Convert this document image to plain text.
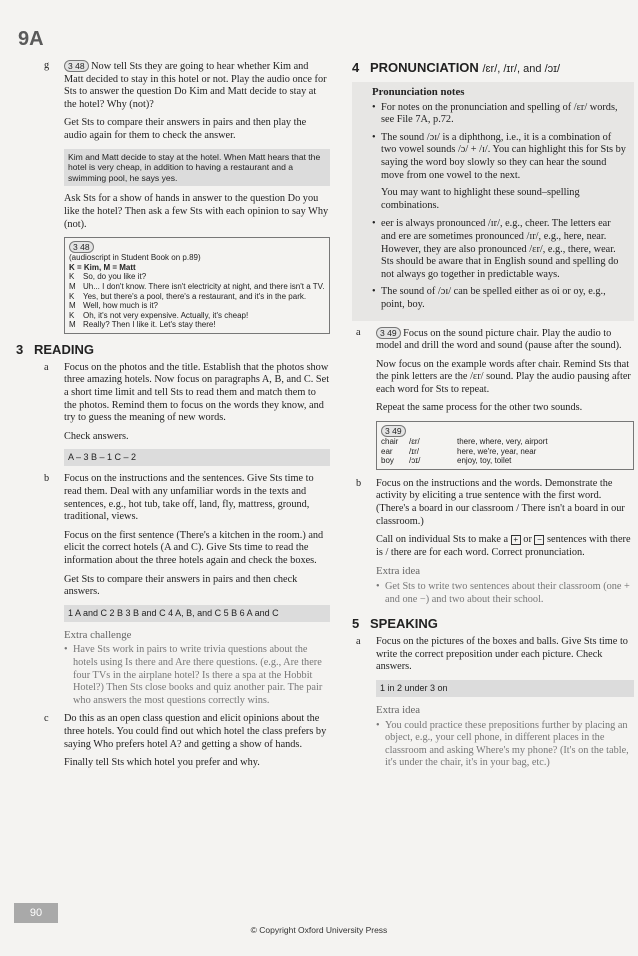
9A
g	3 48 Now tell Sts they are going to hear whether Kim and Matt decided to stay in this hotel or not. Play the audio once for Sts to answer the question Do Kim and Matt decide to stay at the hotel? Why (not)?

Get Sts to compare their answers in pairs and then play the audio again for them to check the answer.

Kim and Matt decide to stay at the hotel. When Matt hears that the hotel is very cheap, in addition to having a restaurant and a swimming pool, he says yes.

Ask Sts for a show of hands in answer to the question Do you like the hotel? Then ask a few Sts with each opinion to say Why (not).

3 48
(audioscript in Student Book on p.89)
K = Kim, M = Matt
K	So, do you like it?
M Uh... I don't know. There isn't electricity at night, and there isn't a TV.
K	Yes, but there's a pool, there's a restaurant, and it's in the park.
M Well, how much is it?
K	Oh, it's not very expensive. Actually, it's cheap!
M Really? Then I like it. Let's stay there!
3 READING
a Focus on the photos and the title. Establish that the photos show three amazing hotels. Now focus on paragraphs A, B, and C. Set a short time limit and tell Sts to read them and match them to the photos. Remind them to focus on the words they know, and try to guess the meaning of new words.

Check answers.

A – 3 B – 1 C – 2
b Focus on the instructions and the sentences. Give Sts time to read them. Deal with any unfamiliar words in the texts and sentences, e.g., hot tub, take off, land, fly, mattress, ground, traditional, views.

Focus on the first sentence (There's a kitchen in the room.) and elicit the correct hotels (A and C). Give Sts time to read the information about the three hotels again and check the boxes.

Get Sts to compare their answers in pairs and then check answers.

1 A and C 2 B 3 B and C 4 A, B, and C 5 B 6 A and C
Extra challenge
• Have Sts work in pairs to write trivia questions about the hotels using Is there and Are there questions. (e.g., Are there four TVs in the airplane hotel? Is there a spa at the Hobbit Hotel?) Then Sts close books and quiz another pair. The pair who answers the most questions correctly wins.
c Do this as an open class question and elicit opinions about the three hotels. You could find out which hotel the class prefers by saying Who prefers hotel A? and getting a show of hands.

Finally tell Sts which hotel you prefer and why.

4 PRONUNCIATION /ɛr/, /ɪr/, and /ɔɪ/
Pronunciation notes
• For notes on the pronunciation and spelling of /ɛr/ words, see File 7A, p.72.
• The sound /ɔɪ/ is a diphthong, i.e., it is a combination of two vowel sounds /ɔ/ + /ɪ/. You can highlight this for Sts by saying the word boy slowly so they can hear the sound move from one vowel to the next.

You may want to highlight these sound–spelling combinations.

• eer is always pronounced /ɪr/, e.g., cheer. The letters ear and ere are sometimes pronounced /ɪr/, e.g., here, near. However, they are also pronounced /ɛr/, e.g., there, wear. Sts should be aware that in English sound and spelling do not always go together in predictable ways.
• The sound of /ɔɪ/ can be spelled either as oi or oy, e.g., point, boy.
a	3 49 Focus on the sound picture chair. Play the audio to model and drill the word and sound (pause after the sound).

Now focus on the example words after chair. Remind Sts that the pink letters are the /ɛr/ sound. Play the audio pausing after each word for Sts to repeat.

Repeat the same process for the other two sounds.

3 49
chair	/ɛr/	there, where, very, airport
ear	/ɪr/	here, we're, year, near
boy	/ɔɪ/	enjoy, toy, toilet
b Focus on the instructions and the words. Demonstrate the activity by eliciting a true sentence with the first word. (There's a board in our classroom / There isn't a board in our classroom.)

Call on individual Sts to make a + or − sentences with there is / there are for each word. Correct pronunciation.

Extra idea
• Get Sts to write two sentences about their classroom (one + and one −) and two about their school.
5 SPEAKING
a Focus on the pictures of the boxes and balls. Give Sts time to write the correct preposition under each picture. Check answers.

1 in 2 under 3 on
Extra idea
• You could practice these prepositions further by placing an object, e.g., your cell phone, in different places in the classroom and asking Where's my phone? (It's on the table, it's under the chair, it's in your bag, etc.)
90
© Copyright Oxford University Press
